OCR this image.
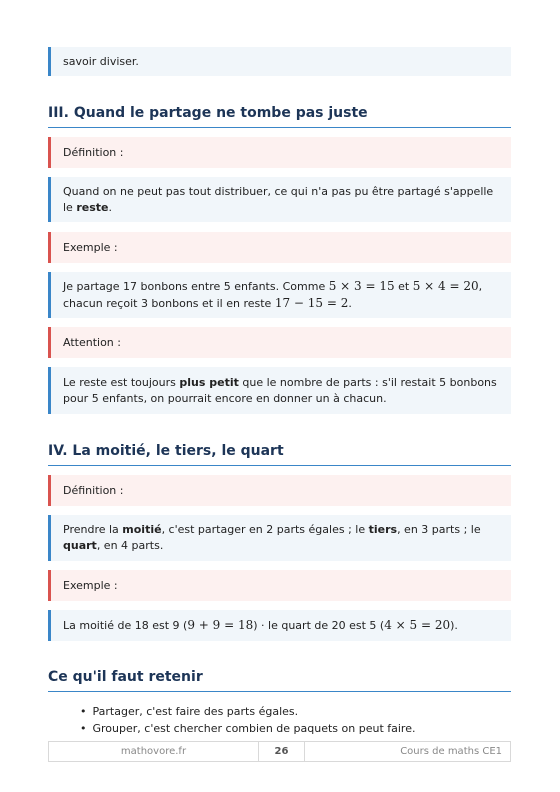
savoir diviser.
III. Quand le partage ne tombe pas juste
Définition :
Quand on ne peut pas tout distribuer, ce qui n'a pas pu être partagé s'appelle le reste.
Exemple :
Je partage 17 bonbons entre 5 enfants. Comme 5 × 3 = 15 et 5 × 4 = 20, chacun reçoit 3 bonbons et il en reste 17 − 15 = 2.
Attention :
Le reste est toujours plus petit que le nombre de parts : s'il restait 5 bonbons pour 5 enfants, on pourrait encore en donner un à chacun.
IV. La moitié, le tiers, le quart
Définition :
Prendre la moitié, c'est partager en 2 parts égales ; le tiers, en 3 parts ; le quart, en 4 parts.
Exemple :
La moitié de 18 est 9 (9 + 9 = 18) · le quart de 20 est 5 (4 × 5 = 20).
Ce qu'il faut retenir
• Partager, c'est faire des parts égales.
• Grouper, c'est chercher combien de paquets on peut faire.
mathovore.fr	26	Cours de maths CE1
